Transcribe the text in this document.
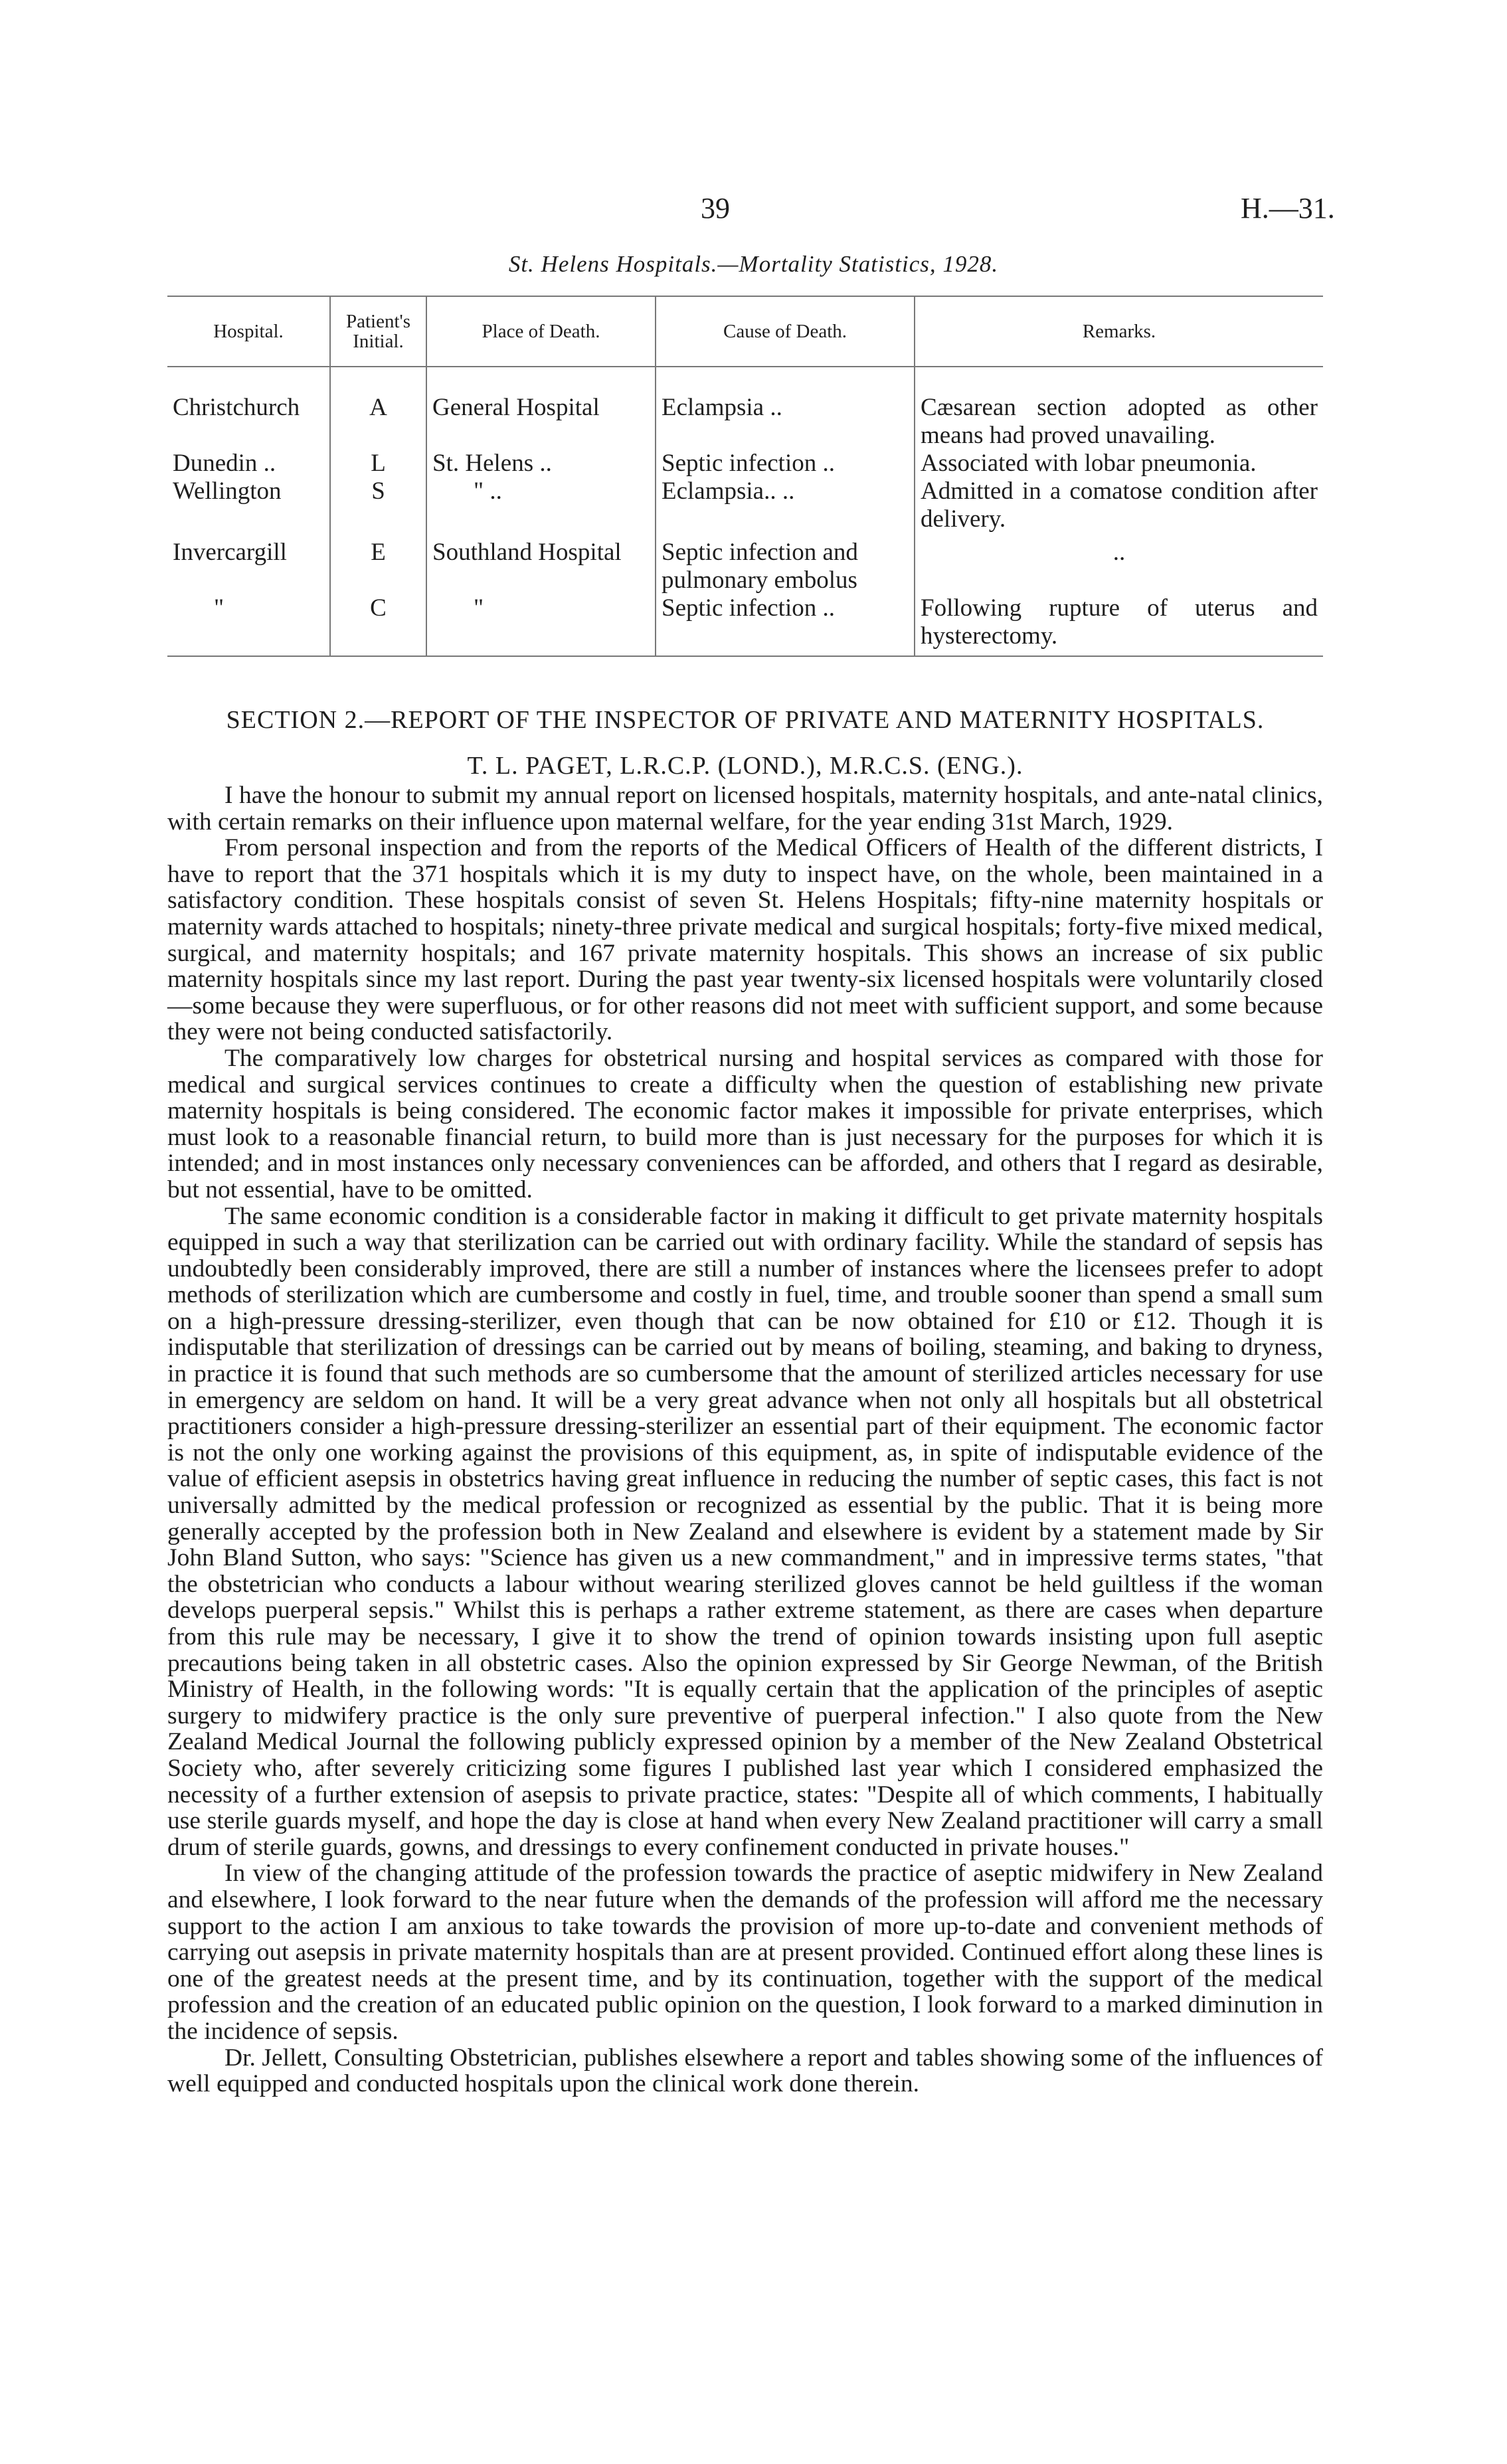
39	H.—31.
St. Helens Hospitals.—Mortality Statistics, 1928.
Hospital.	Patient's Initial.	Place of Death.	Cause of Death.	Remarks.
Christchurch	A	General Hospital	Eclampsia ..	Cæsarean section adopted as other means had proved unavailing.
Dunedin ..	L	St. Helens ..	Septic infection ..	Associated with lobar pneumonia.
Wellington	S	" ..	Eclampsia.. ..	Admitted in a comatose condition after delivery.
Invercargill	E	Southland Hospital	Septic infection and pulmonary embolus	..
"	C	"	Septic infection ..	Following rupture of uterus and hysterectomy.
SECTION 2.—REPORT OF THE INSPECTOR OF PRIVATE AND MATERNITY HOSPITALS.
T. L. PAGET, L.R.C.P. (LOND.), M.R.C.S. (ENG.).

I have the honour to submit my annual report on licensed hospitals, maternity hospitals, and ante-natal clinics, with certain remarks on their influence upon maternal welfare, for the year ending 31st March, 1929.

From personal inspection and from the reports of the Medical Officers of Health of the different districts, I have to report that the 371 hospitals which it is my duty to inspect have, on the whole, been maintained in a satisfactory condition. These hospitals consist of seven St. Helens Hospitals; fifty-nine maternity hospitals or maternity wards attached to hospitals; ninety-three private medical and surgical hospitals; forty-five mixed medical, surgical, and maternity hospitals; and 167 private maternity hospitals. This shows an increase of six public maternity hospitals since my last report. During the past year twenty-six licensed hospitals were voluntarily closed—some because they were superfluous, or for other reasons did not meet with sufficient support, and some because they were not being conducted satisfactorily.

The comparatively low charges for obstetrical nursing and hospital services as compared with those for medical and surgical services continues to create a difficulty when the question of establishing new private maternity hospitals is being considered. The economic factor makes it impossible for private enterprises, which must look to a reasonable financial return, to build more than is just necessary for the purposes for which it is intended; and in most instances only necessary conveniences can be afforded, and others that I regard as desirable, but not essential, have to be omitted.

The same economic condition is a considerable factor in making it difficult to get private maternity hospitals equipped in such a way that sterilization can be carried out with ordinary facility. While the standard of sepsis has undoubtedly been considerably improved, there are still a number of instances where the licensees prefer to adopt methods of sterilization which are cumbersome and costly in fuel, time, and trouble sooner than spend a small sum on a high-pressure dressing-sterilizer, even though that can be now obtained for £10 or £12. Though it is indisputable that sterilization of dressings can be carried out by means of boiling, steaming, and baking to dryness, in practice it is found that such methods are so cumbersome that the amount of sterilized articles necessary for use in emergency are seldom on hand. It will be a very great advance when not only all hospitals but all obstetrical practitioners consider a high-pressure dressing-sterilizer an essential part of their equipment. The economic factor is not the only one working against the provisions of this equipment, as, in spite of indisputable evidence of the value of efficient asepsis in obstetrics having great influence in reducing the number of septic cases, this fact is not universally admitted by the medical profession or recognized as essential by the public. That it is being more generally accepted by the profession both in New Zealand and elsewhere is evident by a statement made by Sir John Bland Sutton, who says: "Science has given us a new commandment," and in impressive terms states, "that the obstetrician who conducts a labour without wearing sterilized gloves cannot be held guiltless if the woman develops puerperal sepsis." Whilst this is perhaps a rather extreme statement, as there are cases when departure from this rule may be necessary, I give it to show the trend of opinion towards insisting upon full aseptic precautions being taken in all obstetric cases. Also the opinion expressed by Sir George Newman, of the British Ministry of Health, in the following words: "It is equally certain that the application of the principles of aseptic surgery to midwifery practice is the only sure preventive of puerperal infection." I also quote from the New Zealand Medical Journal the following publicly expressed opinion by a member of the New Zealand Obstetrical Society who, after severely criticizing some figures I published last year which I considered emphasized the necessity of a further extension of asepsis to private practice, states: "Despite all of which comments, I habitually use sterile guards myself, and hope the day is close at hand when every New Zealand practitioner will carry a small drum of sterile guards, gowns, and dressings to every confinement conducted in private houses."

In view of the changing attitude of the profession towards the practice of aseptic midwifery in New Zealand and elsewhere, I look forward to the near future when the demands of the profession will afford me the necessary support to the action I am anxious to take towards the provision of more up-to-date and convenient methods of carrying out asepsis in private maternity hospitals than are at present provided. Continued effort along these lines is one of the greatest needs at the present time, and by its continuation, together with the support of the medical profession and the creation of an educated public opinion on the question, I look forward to a marked diminution in the incidence of sepsis.

Dr. Jellett, Consulting Obstetrician, publishes elsewhere a report and tables showing some of the influences of well equipped and conducted hospitals upon the clinical work done therein.
